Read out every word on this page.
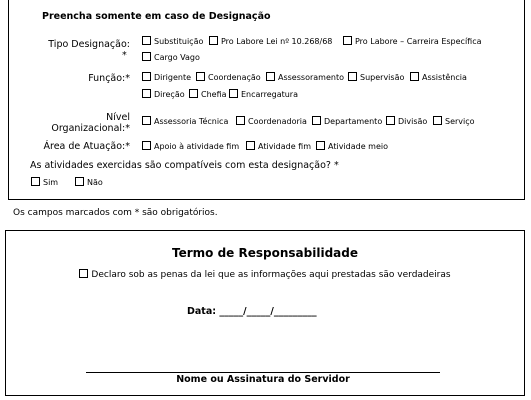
Preencha somente em caso de Designação
Tipo Designação:
*
Substituição	Pro Labore Lei nº 10.268/68	Pro Labore – Carreira Específica
Cargo Vago
Função:*	Dirigente	Coordenação	Assessoramento	Supervisão	Assistência
Direção	Chefia	Encarregatura
Nível
Organizacional:*
Assessoria Técnica	Coordenadoria	Departamento	Divisão	Serviço
Área de Atuação:*	Apoio à atividade fim	Atividade fim	Atividade meio
As atividades exercidas são compatíveis com esta designação? *
Sim	Não
Os campos marcados com * são obrigatórios.
Termo de Responsabilidade
Declaro sob as penas da lei que as informações aqui prestadas são verdadeiras
Data: _____/_____/_________
Nome ou Assinatura do Servidor
